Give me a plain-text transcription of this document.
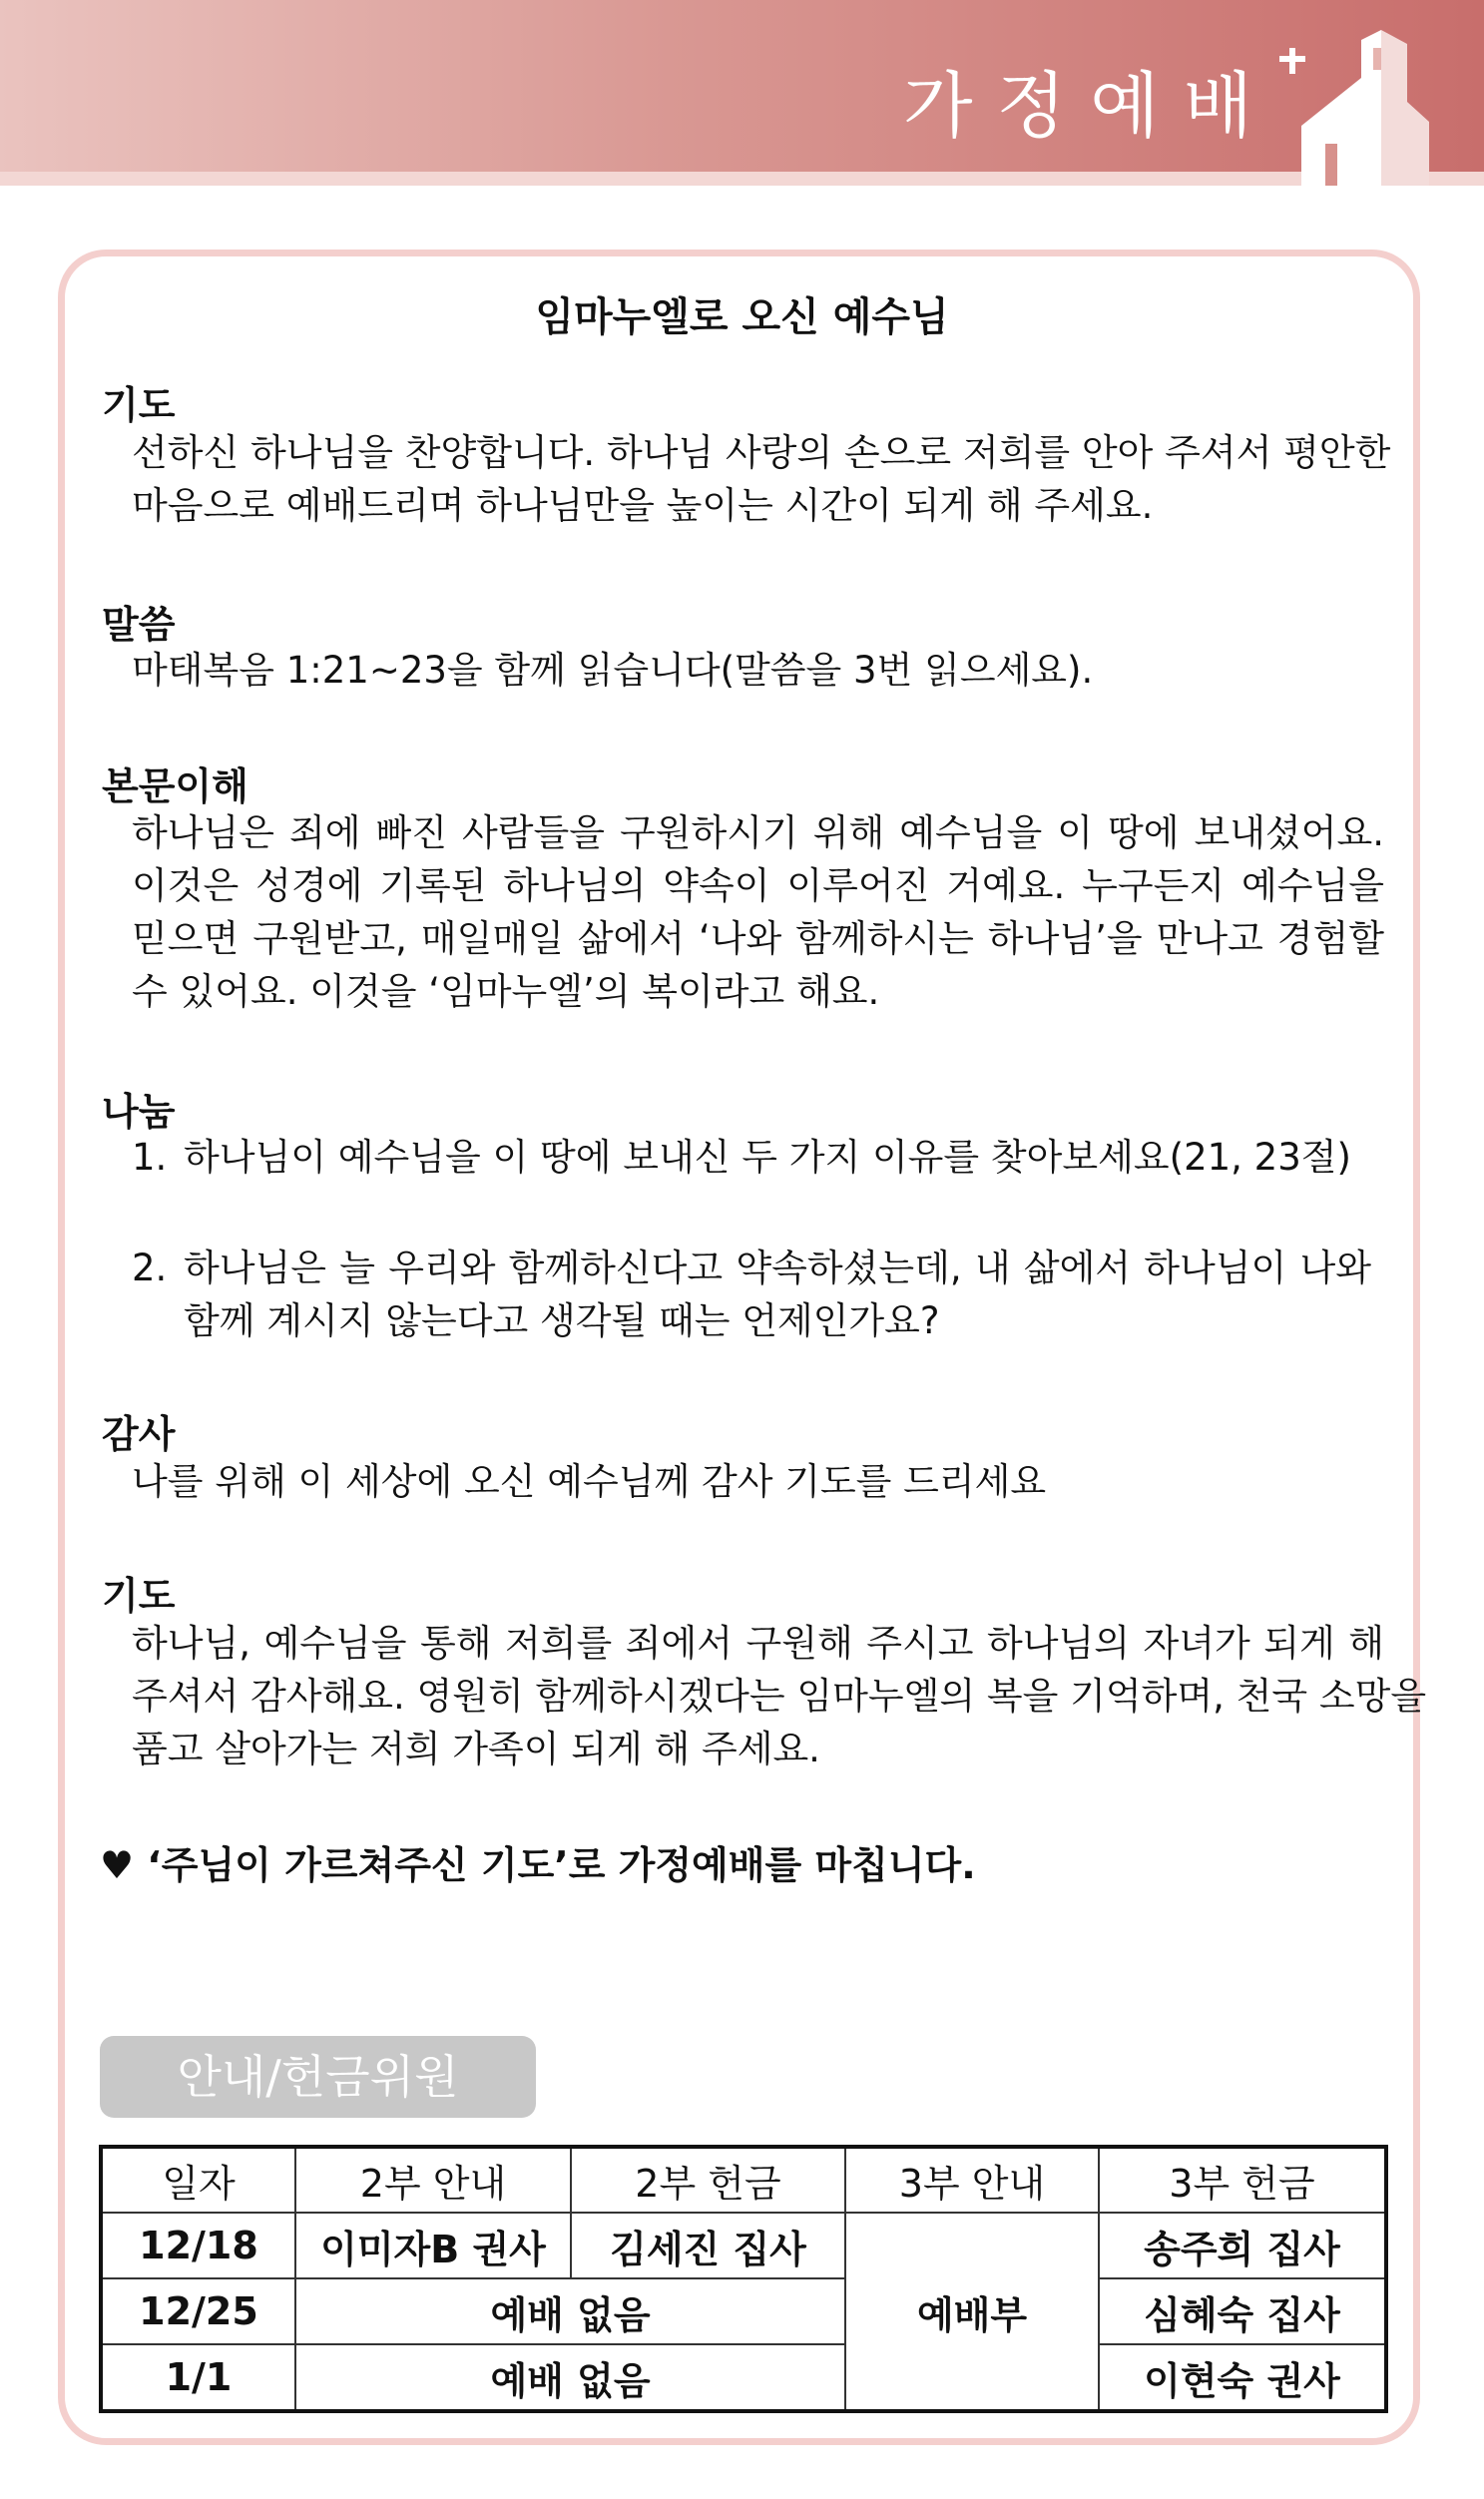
가정예배
임마누엘로 오신 예수님
기도
선하신 하나님을 찬양합니다. 하나님 사랑의 손으로 저희를 안아 주셔서 평안한
마음으로 예배드리며 하나님만을 높이는 시간이 되게 해 주세요.
말씀
마태복음 1:21~23을 함께 읽습니다(말씀을 3번 읽으세요).
본문이해
하나님은 죄에 빠진 사람들을 구원하시기 위해 예수님을 이 땅에 보내셨어요.
이것은 성경에 기록된 하나님의 약속이 이루어진 거예요. 누구든지 예수님을
믿으면 구원받고, 매일매일 삶에서 ‘나와 함께하시는 하나님’을 만나고 경험할
수 있어요. 이것을 ‘임마누엘’의 복이라고 해요.
나눔
1. 하나님이 예수님을 이 땅에 보내신 두 가지 이유를 찾아보세요(21, 23절)
2. 하나님은 늘 우리와 함께하신다고 약속하셨는데, 내 삶에서 하나님이 나와
함께 계시지 않는다고 생각될 때는 언제인가요?
감사
나를 위해 이 세상에 오신 예수님께 감사 기도를 드리세요
기도
하나님, 예수님을 통해 저희를 죄에서 구원해 주시고 하나님의 자녀가 되게 해
주셔서 감사해요. 영원히 함께하시겠다는 임마누엘의 복을 기억하며, 천국 소망을
품고 살아가는 저희 가족이 되게 해 주세요.
♥ ‘주님이 가르쳐주신 기도’로 가정예배를 마칩니다.
안내/헌금위원
일자	2부 안내	2부 헌금	3부 안내	3부 헌금
12/18	이미자B 권사	김세진 집사	예배부	송주희 집사
12/25	예배 없음			심혜숙 집사
1/1	예배 없음			이현숙 권사
